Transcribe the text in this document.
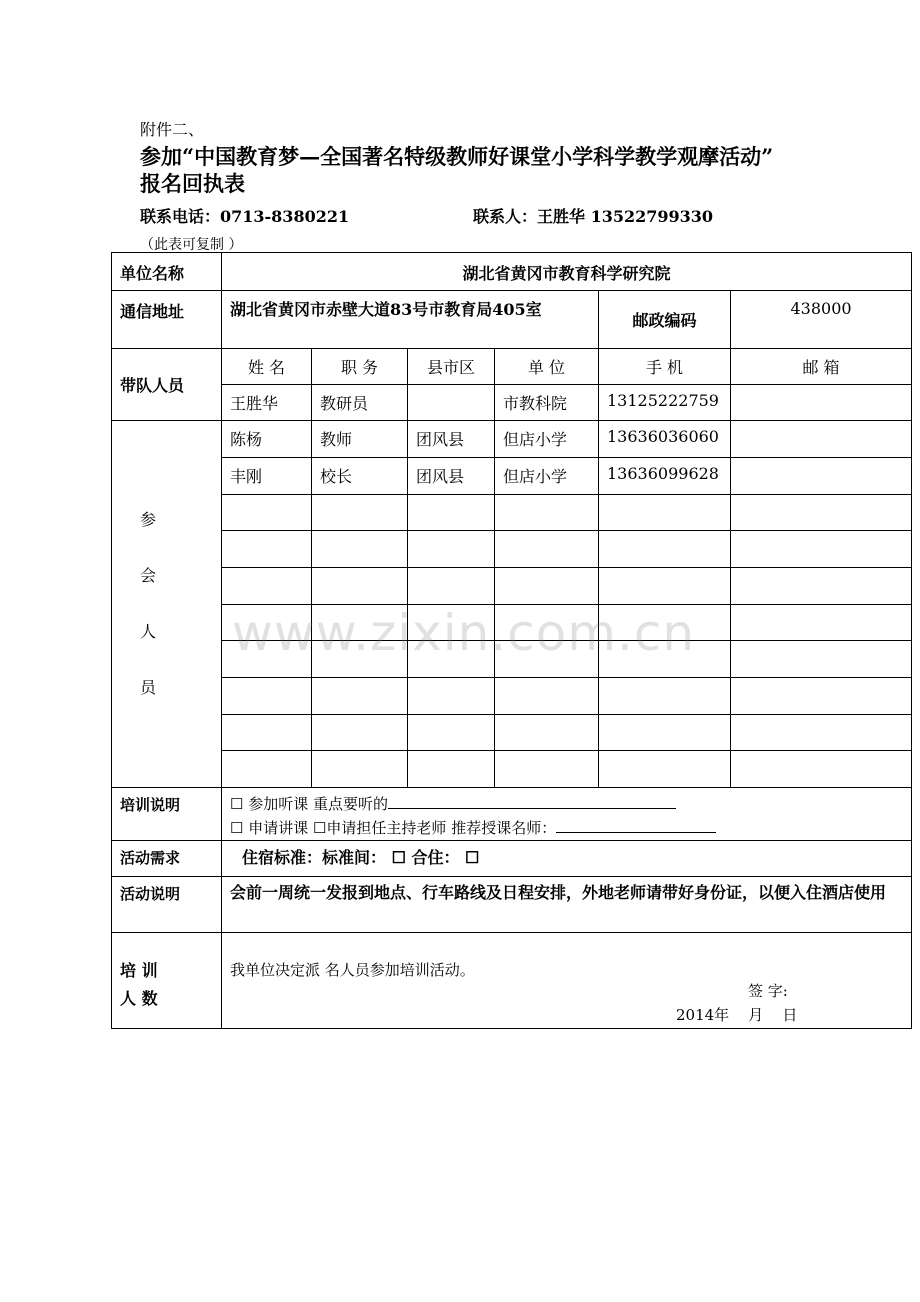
附件二、
参加“中国教育梦—全国著名特级教师好课堂小学科学教学观摩活动”
报名回执表
联系电话：0713-8380221	联系人：王胜华 13522799330
（此表可复制 ）
单位名称	湖北省黄冈市教育科学研究院					
通信地址	湖北省黄冈市赤壁大道83号市教育局405室				邮政编码	438000
带队人员	姓 名	职 务	县市区	单 位	手 机	邮 箱
	王胜华	教研员		市教科院	13125222759	

参
会
人
员	陈杨	教师	团风县	但店小学	13636036060	
	丰刚	校长	团风县	但店小学	13636099628	

培训说明	☐ 参加听课 重点要听的
☐ 申请讲课 ☐申请担任主持老师 推荐授课名师：					

活动需求	住宿标准：标准间： ☐ 合住： ☐					
活动说明	会前一周统一发报到地点、行车路线及日程安排，外地老师请带好身份证，以便入住酒店使用					

培 训
人 数	我单位决定派 名人员参加培训活动。					
签 字:
2014年    月    日
www.zixin.com.cn
